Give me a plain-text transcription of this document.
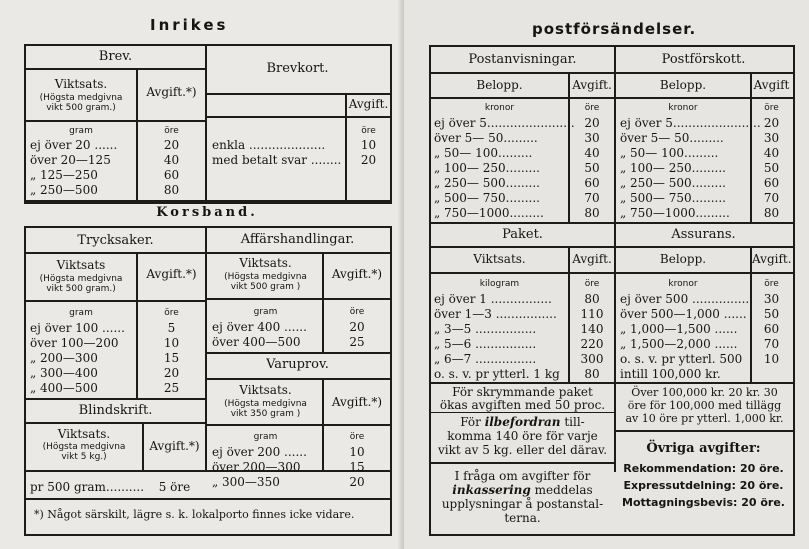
Inrikes
Brev.
Viktsats.
(Högsta medgivna
vikt 500 gram.)
Avgift.*)
gram	öre
ej över 20 ......	20
över 20—125	40
„ 125—250	60
„ 250—500	80
Brevkort.
Avgift.
öre
enkla ....................	10
med betalt svar ........	20
Korsband.
Trycksaker.
Viktsats
(Högsta medgivna
vikt 500 gram.)
Avgift.*)
gram	öre
ej över 100 ......	5
över 100—200	10
„ 200—300	15
„ 300—400	20
„ 400—500	25
Blindskrift.
Viktsats.
(Högsta medgivna
vikt 5 kg.)
Avgift.*)
pr 500 gram..........	5 öre
*) Något särskilt, lägre s. k. lokalporto finnes icke vidare.
Affärshandlingar.
Viktsats.
(Högsta medgivna
vikt 500 gram )
Avgift.*)
gram	öre
ej över 400 ......	20
över 400—500	25
Varuprov.
Viktsats.
(Högsta medgivna
vikt 350 gram )
Avgift.*)
gram	öre
ej över 200 ......	10
över 200—300	15
„ 300—350	20
postförsändelser.
Postanvisningar.
Belopp.	Avgift.
kronor	öre
ej över 5....................... 20
över 5— 50.........	30
„ 50— 100.........	40
„ 100— 250.........	50
„ 250— 500.........	60
„ 500— 750.........	70
„ 750—1000.........	80
Postförskott.
Belopp.	Avgift
kronor	öre
ej över 5....................... 20
över 5— 50.........	30
„ 50— 100.........	40
„ 100— 250.........	50
„ 250— 500.........	60
„ 500— 750.........	70
„ 750—1000.........	80
Paket.
Viktsats.	Avgift.
kilogram	öre
ej över 1 ................	80
över 1—3 ................	110
„ 3—5 ................	140
„ 5—6 ................	220
„ 6—7 ................	300
o. s. v. pr ytterl. 1 kg	80
För skrymmande paket
ökas avgiften med 50 proc.
För ilbefordran till-
komma 140 öre för varje
vikt av 5 kg. eller del därav.
Assurans.
Belopp.	Avgift.
kronor	öre
ej över 500 ................ 30
över 500—1,000 ......	50
„ 1,000—1,500 ......	60
„ 1,500—2,000 ......	70
o. s. v. pr ytterl. 500	10
intill 100,000 kr.
Över 100,000 kr. 20 kr. 30
öre för 100,000 med tillägg
av 10 öre pr ytterl. 1,000 kr.
Övriga avgifter:
Rekommendation: 20 öre.
Expressutdelning: 20 öre.
Mottagningsbevis: 20 öre.
I fråga om avgifter för
inkassering meddelas
upplysningar å postanstal-
terna.
